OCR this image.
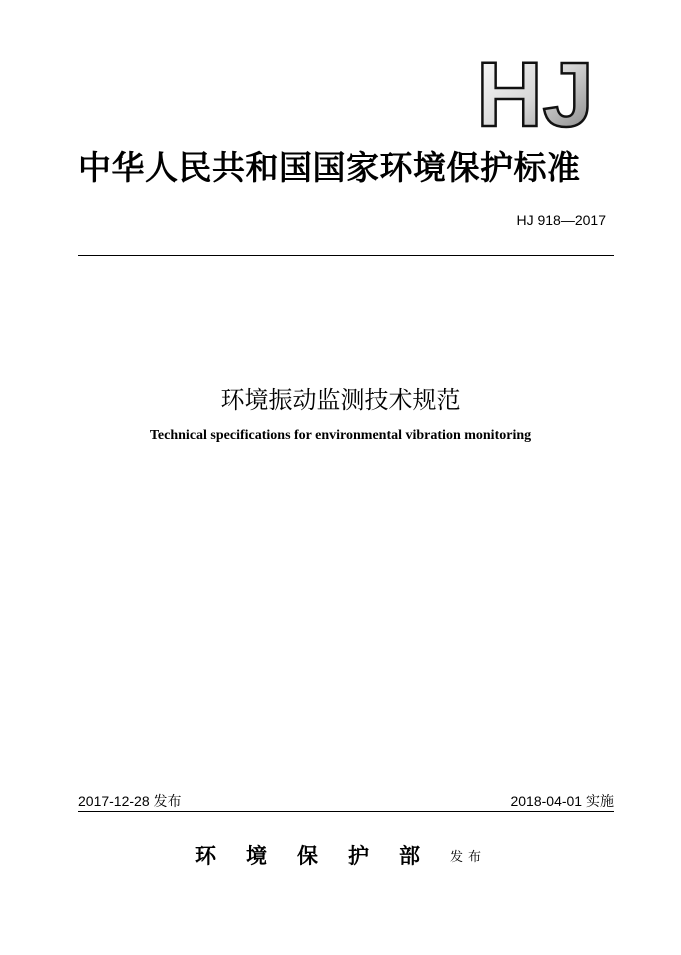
HJ
中华人民共和国国家环境保护标准
HJ 918—2017
环境振动监测技术规范
Technical specifications for environmental vibration monitoring
2017-12-28 发布	2018-04-01 实施
环境保护部发布
